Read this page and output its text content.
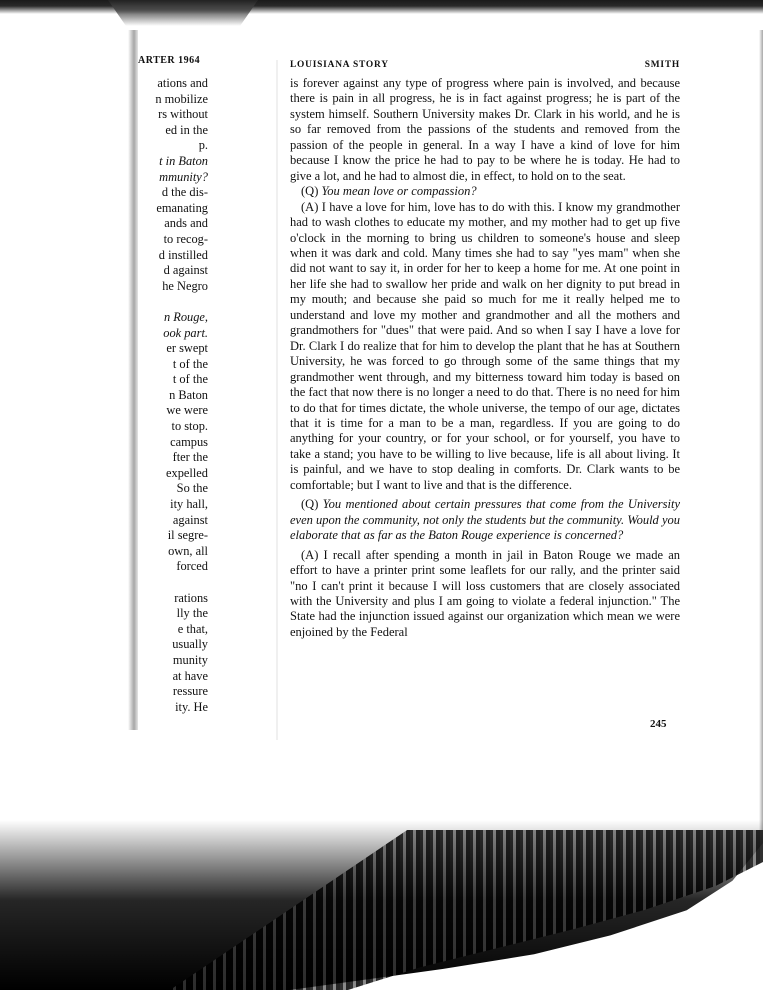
ARTER 1964
ations and
n mobilize
rs without
ed in the
p.
t in Baton
mmunity?
d the dis-
emanating
ands and
to recog-
d instilled
d against
he Negro
n Rouge,
ook part.
er swept
t of the
t of the
n Baton
we were
to stop.
campus
fter the
expelled
So the
ity hall,
against
il segre-
own, all
forced
rations
lly the
e that,
usually
munity
at have
ressure
ity. He
LOUISIANA STORY	SMITH

is forever against any type of progress where pain is involved, and because there is pain in all progress, he is in fact against progress; he is part of the system himself. Southern University makes Dr. Clark in his world, and he is so far removed from the passions of the students and removed from the passion of the people in general. In a way I have a kind of love for him because I know the price he had to pay to be where he is today. He had to give a lot, and he had to almost die, in effect, to hold on to the seat.

(Q) You mean love or compassion?

(A) I have a love for him, love has to do with this. I know my grandmother had to wash clothes to educate my mother, and my mother had to get up five o'clock in the morning to bring us children to someone's house and sleep when it was dark and cold. Many times she had to say "yes mam" when she did not want to say it, in order for her to keep a home for me. At one point in her life she had to swallow her pride and walk on her dignity to put bread in my mouth; and because she paid so much for me it really helped me to understand and love my mother and grandmother and all the mothers and grandmothers for "dues" that were paid. And so when I say I have a love for Dr. Clark I do realize that for him to develop the plant that he has at Southern University, he was forced to go through some of the same things that my grandmother went through, and my bitterness toward him today is based on the fact that now there is no longer a need to do that. There is no need for him to do that for times dictate, the whole universe, the tempo of our age, dictates that it is time for a man to be a man, regardless. If you are going to do anything for your country, or for your school, or for yourself, you have to take a stand; you have to be willing to live because, life is all about living. It is painful, and we have to stop dealing in comforts. Dr. Clark wants to be comfortable; but I want to live and that is the difference.

(Q) You mentioned about certain pressures that come from the University even upon the community, not only the students but the community. Would you elaborate that as far as the Baton Rouge experience is concerned?

(A) I recall after spending a month in jail in Baton Rouge we made an effort to have a printer print some leaflets for our rally, and the printer said "no I can't print it because I will loss customers that are closely associated with the University and plus I am going to violate a federal injunction." The State had the injunction issued against our organization which mean we were enjoined by the Federal

245
